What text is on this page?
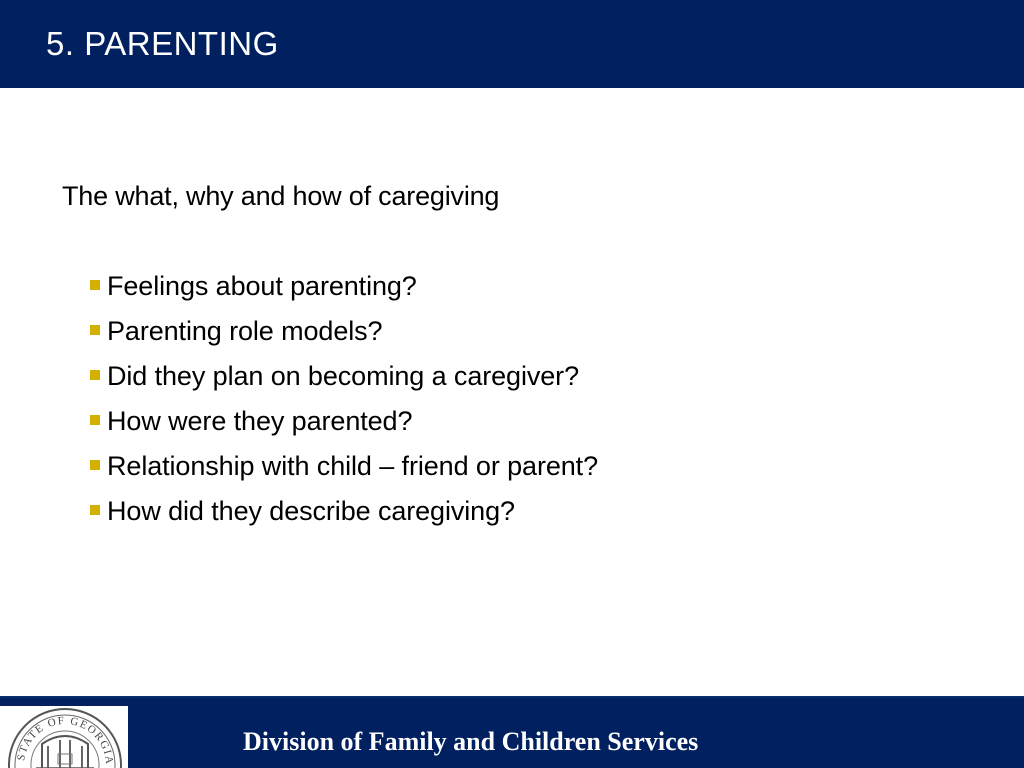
5. PARENTING
The what, why and how of caregiving
Feelings about parenting?
Parenting role models?
Did they plan on becoming a caregiver?
How were they parented?
Relationship with child – friend or parent?
How did they describe caregiving?
STATE OF GEORGIA
Division of Family and Children Services
